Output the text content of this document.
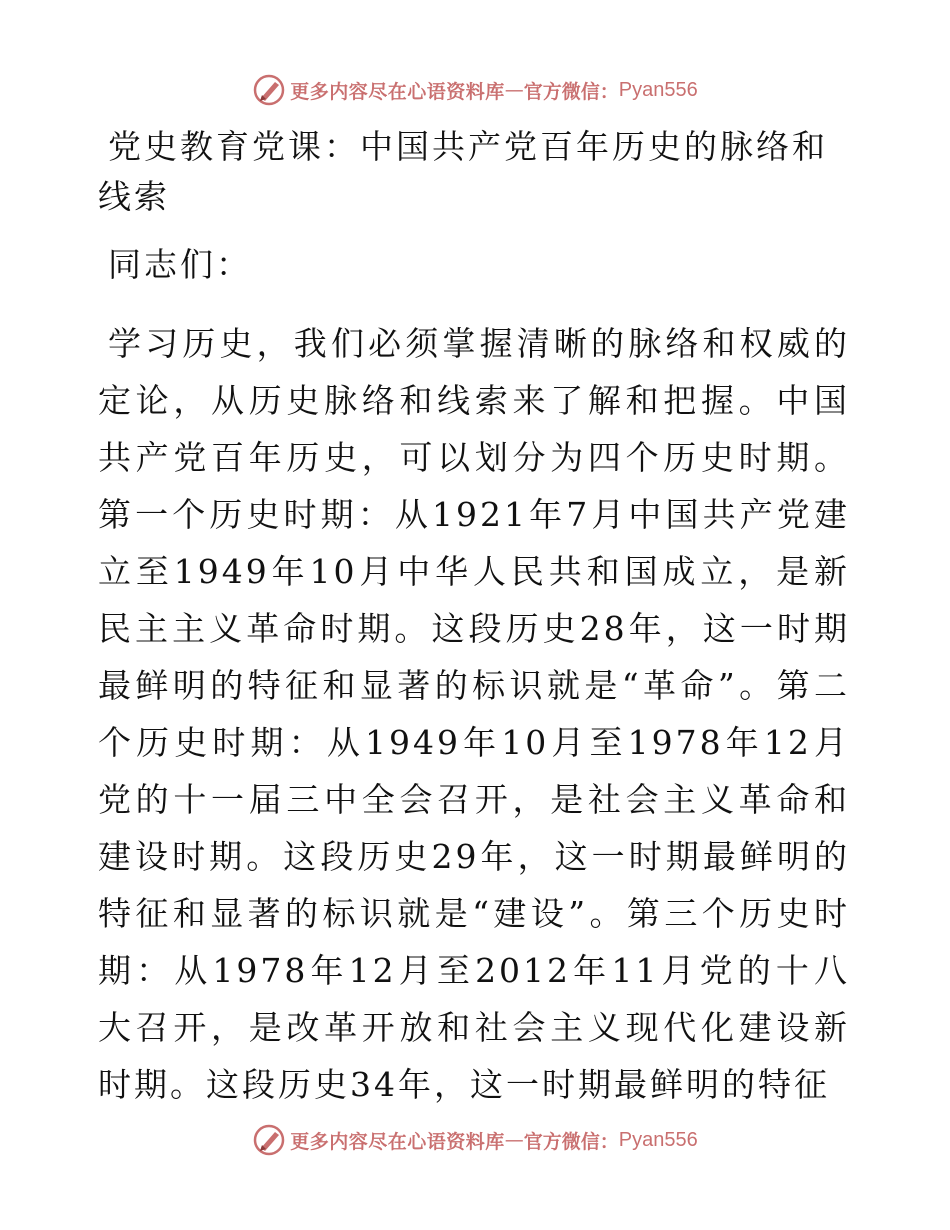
更多内容尽在心语资料库 — 官方微信： Pyan556
党史教育党课：中国共产党百年历史的脉络和线索

同志们：

学习历史，我们必须掌握清晰的脉络和权威的定论，从历史脉络和线索来了解和把握。中国共产党百年历史，可以划分为四个历史时期。第一个历史时期：从1921年7月中国共产党建立至1949年10月中华人民共和国成立，是新民主主义革命时期。这段历史28年，这一时期最鲜明的特征和显著的标识就是“革命”。第二个历史时期：从1949年10月至1978年12月党的十一届三中全会召开，是社会主义革命和建设时期。这段历史29年，这一时期最鲜明的特征和显著的标识就是“建设”。第三个历史时期：从1978年12月至2012年11月党的十八大召开，是改革开放和社会主义现代化建设新时期。这段历史34年，这一时期最鲜明的特征

更多内容尽在心语资料库 — 官方微信： Pyan556
